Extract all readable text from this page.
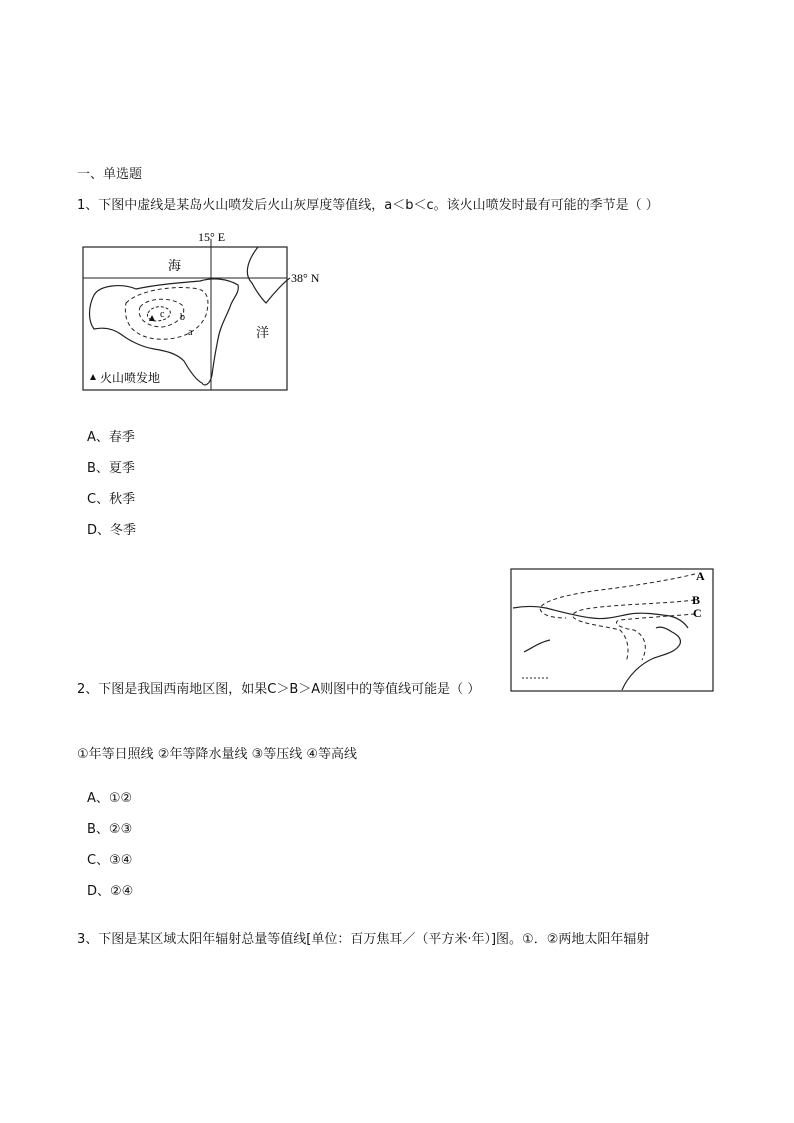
一、单选题
1、下图中虚线是某岛火山喷发后火山灰厚度等值线，a＜b＜c。该火山喷发时最有可能的季节是（ ）
15° E
38° N
海
洋
c b
a
火山喷发地
A、春季
B、夏季
C、秋季
D、冬季
A
B
C
2、下图是我国西南地区图，如果C＞B＞A则图中的等值线可能是（ ）
①年等日照线 ②年等降水量线 ③等压线 ④等高线
A、①②
B、②③
C、③④
D、②④
3、下图是某区域太阳年辐射总量等值线[单位：百万焦耳／（平方米·年）]图。①．②两地太阳年辐射
